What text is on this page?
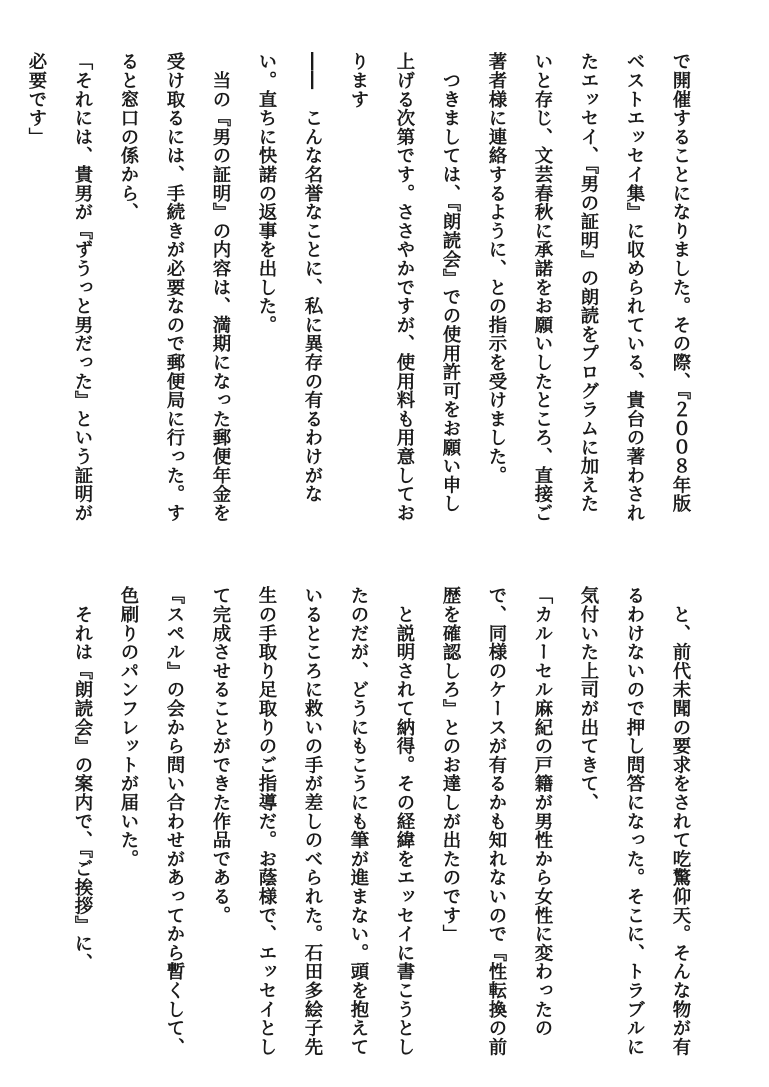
で開催することになりました。その際、『２００８年版ベストエッセイ集』に収められている、貴台の著わされたエッセイ、『男の証明』の朗読をプログラムに加えたいと存じ、文芸春秋に承諾をお願いしたところ、直接ご著者様に連絡するように、との指示を受けました。

　つきましては、『朗読会』での使用許可をお願い申し上げる次第です。ささやかですが、使用料も用意しております

――　こんな名誉なことに、私に異存の有るわけがない。直ちに快諾の返事を出した。

　当の『男の証明』の内容は、満期になった郵便年金を受け取るには、手続きが必要なので郵便局に行った。すると窓口の係から、

「それには、貴男が『ずうっと男だった』という証明が必要です」

　と、前代未聞の要求をされて吃驚仰天。そんな物が有るわけないので押し問答になった。そこに、トラブルに気付いた上司が出てきて、

「カルーセル麻紀の戸籍が男性から女性に変わったので、同様のケースが有るかも知れないので『性転換の前歴を確認しろ』とのお達しが出たのです」

　と説明されて納得。その経緯をエッセイに書こうとしたのだが、どうにもこうにも筆が進まない。頭を抱えているところに救いの手が差しのべられた。石田多絵子先生の手取り足取りのご指導だ。お蔭様で、エッセイとして完成させることができた作品である。

『スペル』の会から問い合わせがあってから暫くして、色刷りのパンフレットが届いた。

　それは『朗読会』の案内で、『ご挨拶』に、
